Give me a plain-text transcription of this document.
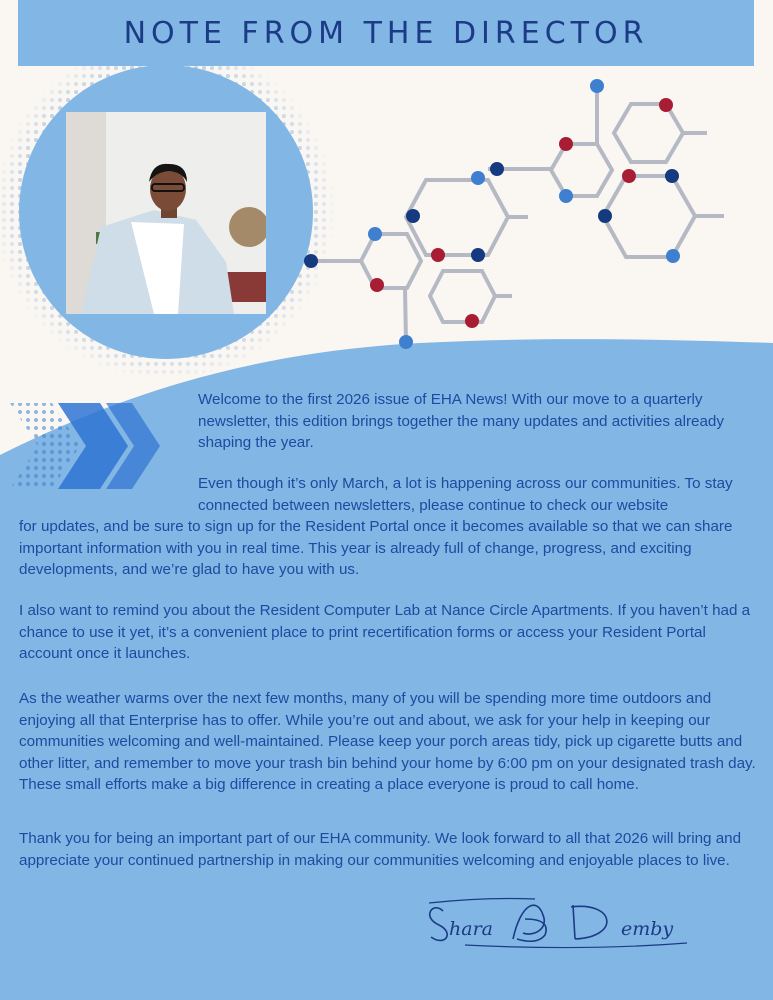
NOTE FROM THE DIRECTOR

Welcome to the first 2026 issue of EHA News! With our move to a quarterly newsletter, this edition brings together the many updates and activities already shaping the year.

Even though it’s only March, a lot is happening across our communities. To stay connected between newsletters, please continue to check our website

for updates, and be sure to sign up for the Resident Portal once it becomes available so that we can share important information with you in real time. This year is already full of change, progress, and exciting developments, and we’re glad to have you with us.

I also want to remind you about the Resident Computer Lab at Nance Circle Apartments. If you haven’t had a chance to use it yet, it’s a convenient place to print recertification forms or access your Resident Portal account once it launches.

As the weather warms over the next few months, many of you will be spending more time outdoors and enjoying all that Enterprise has to offer. While you’re out and about, we ask for your help in keeping our communities welcoming and well-maintained. Please keep your porch areas tidy, pick up cigarette butts and other litter, and remember to move your trash bin behind your home by 6:00 pm on your designated trash day. These small efforts make a big difference in creating a place everyone is proud to call home.

Thank you for being an important part of our EHA community. We look forward to all that 2026 will bring and appreciate your continued partnership in making our communities welcoming and enjoyable places to live.

hara	emby
